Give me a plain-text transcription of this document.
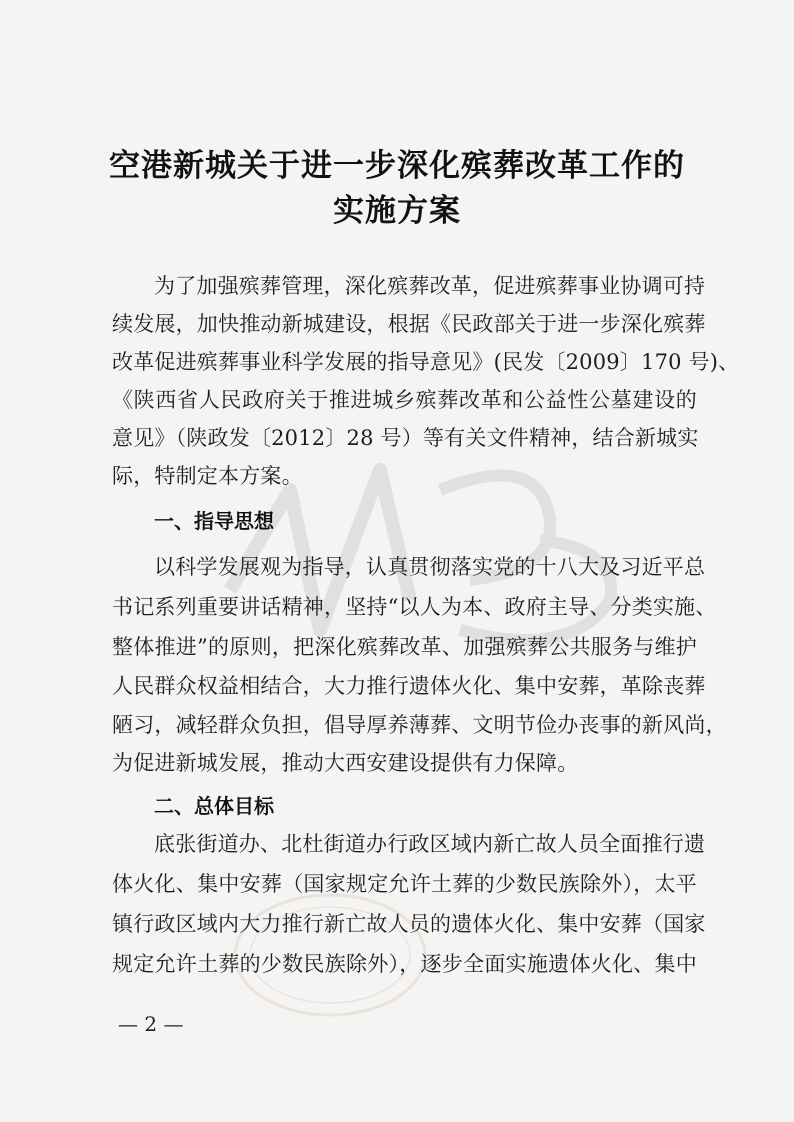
空港新城关于进一步深化殡葬改革工作的
实施方案
为了加强殡葬管理，深化殡葬改革，促进殡葬事业协调可持
续发展，加快推动新城建设，根据《民政部关于进一步深化殡葬
改革促进殡葬事业科学发展的指导意见》(民发〔2009〕170 号)、
《陕西省人民政府关于推进城乡殡葬改革和公益性公墓建设的
意见》（陕政发〔2012〕28 号）等有关文件精神，结合新城实
际，特制定本方案。
一、指导思想
以科学发展观为指导，认真贯彻落实党的十八大及习近平总
书记系列重要讲话精神，坚持“以人为本、政府主导、分类实施、
整体推进”的原则，把深化殡葬改革、加强殡葬公共服务与维护
人民群众权益相结合，大力推行遗体火化、集中安葬，革除丧葬
陋习，减轻群众负担，倡导厚养薄葬、文明节俭办丧事的新风尚，
为促进新城发展，推动大西安建设提供有力保障。
二、总体目标
底张街道办、北杜街道办行政区域内新亡故人员全面推行遗
体火化、集中安葬（国家规定允许土葬的少数民族除外），太平
镇行政区域内大力推行新亡故人员的遗体火化、集中安葬（国家
规定允许土葬的少数民族除外），逐步全面实施遗体火化、集中
— 2 —
